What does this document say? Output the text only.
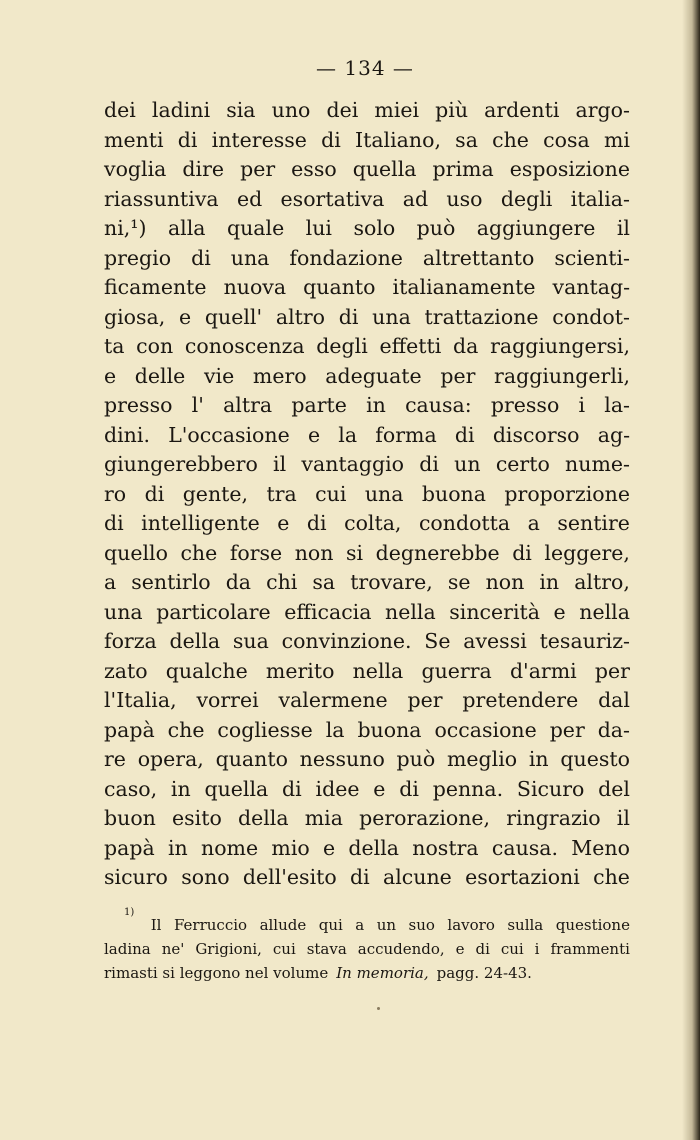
— 134 —
dei ladini sia uno dei miei più ardenti argo-
menti di interesse di Italiano, sa che cosa mi
voglia dire per esso quella prima esposizione
riassuntiva ed esortativa ad uso degli italia-
ni,¹) alla quale lui solo può aggiungere il
pregio di una fondazione altrettanto scienti-
ficamente nuova quanto italianamente vantag-
giosa, e quell' altro di una trattazione condot-
ta con conoscenza degli effetti da raggiungersi,
e delle vie mero adeguate per raggiungerli,
presso l' altra parte in causa: presso i la-
dini. L'occasione e la forma di discorso ag-
giungerebbero il vantaggio di un certo nume-
ro di gente, tra cui una buona proporzione
di intelligente e di colta, condotta a sentire
quello che forse non si degnerebbe di leggere,
a sentirlo da chi sa trovare, se non in altro,
una particolare efficacia nella sincerità e nella
forza della sua convinzione. Se avessi tesauriz-
zato qualche merito nella guerra d'armi per
l'Italia, vorrei valermene per pretendere dal
papà che cogliesse la buona occasione per da-
re opera, quanto nessuno può meglio in questo
caso, in quella di idee e di penna. Sicuro del
buon esito della mia perorazione, ringrazio il
papà in nome mio e della nostra causa. Meno
sicuro sono dell'esito di alcune esortazioni che
1)
Il Ferruccio allude qui a un suo lavoro sulla questione
ladina ne' Grigioni, cui stava accudendo, e di cui i frammenti
rimasti si leggono nel volume In memoria, pagg. 24-43.
